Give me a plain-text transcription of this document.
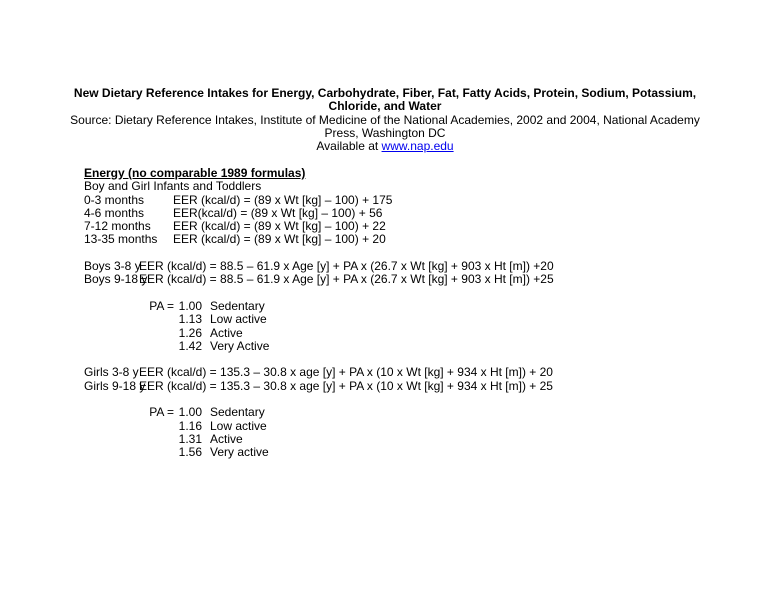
New Dietary Reference Intakes for Energy, Carbohydrate, Fiber, Fat, Fatty Acids, Protein, Sodium, Potassium,
Chloride, and Water

Source: Dietary Reference Intakes, Institute of Medicine of the National Academies, 2002 and 2004, National Academy
Press, Washington DC
Available at www.nap.edu

Energy (no comparable 1989 formulas)
Boy and Girl Infants and Toddlers
0-3 months	EER (kcal/d) = (89 x Wt [kg] – 100) + 175
4-6 months	EER(kcal/d) = (89 x Wt [kg] – 100) + 56
7-12 months	EER (kcal/d) = (89 x Wt [kg] – 100) + 22
13-35 months	EER (kcal/d) = (89 x Wt [kg] – 100) + 20
Boys 3-8 y
EER (kcal/d) = 88.5 – 61.9 x Age [y] + PA x (26.7 x Wt [kg] + 903 x Ht [m]) +20
Boys 9-18 y
EER (kcal/d) = 88.5 – 61.9 x Age [y] + PA x (26.7 x Wt [kg] + 903 x Ht [m]) +25
PA = 1.00 Sedentary
1.13 Low active
1.26 Active
1.42 Very Active
Girls 3-8 y EER (kcal/d) = 135.3 – 30.8 x age [y] + PA x (10 x Wt [kg] + 934 x Ht [m]) + 20
Girls 9-18 y
EER (kcal/d) = 135.3 – 30.8 x age [y] + PA x (10 x Wt [kg] + 934 x Ht [m]) + 25
PA = 1.00 Sedentary
1.16 Low active
1.31 Active
1.56 Very active
